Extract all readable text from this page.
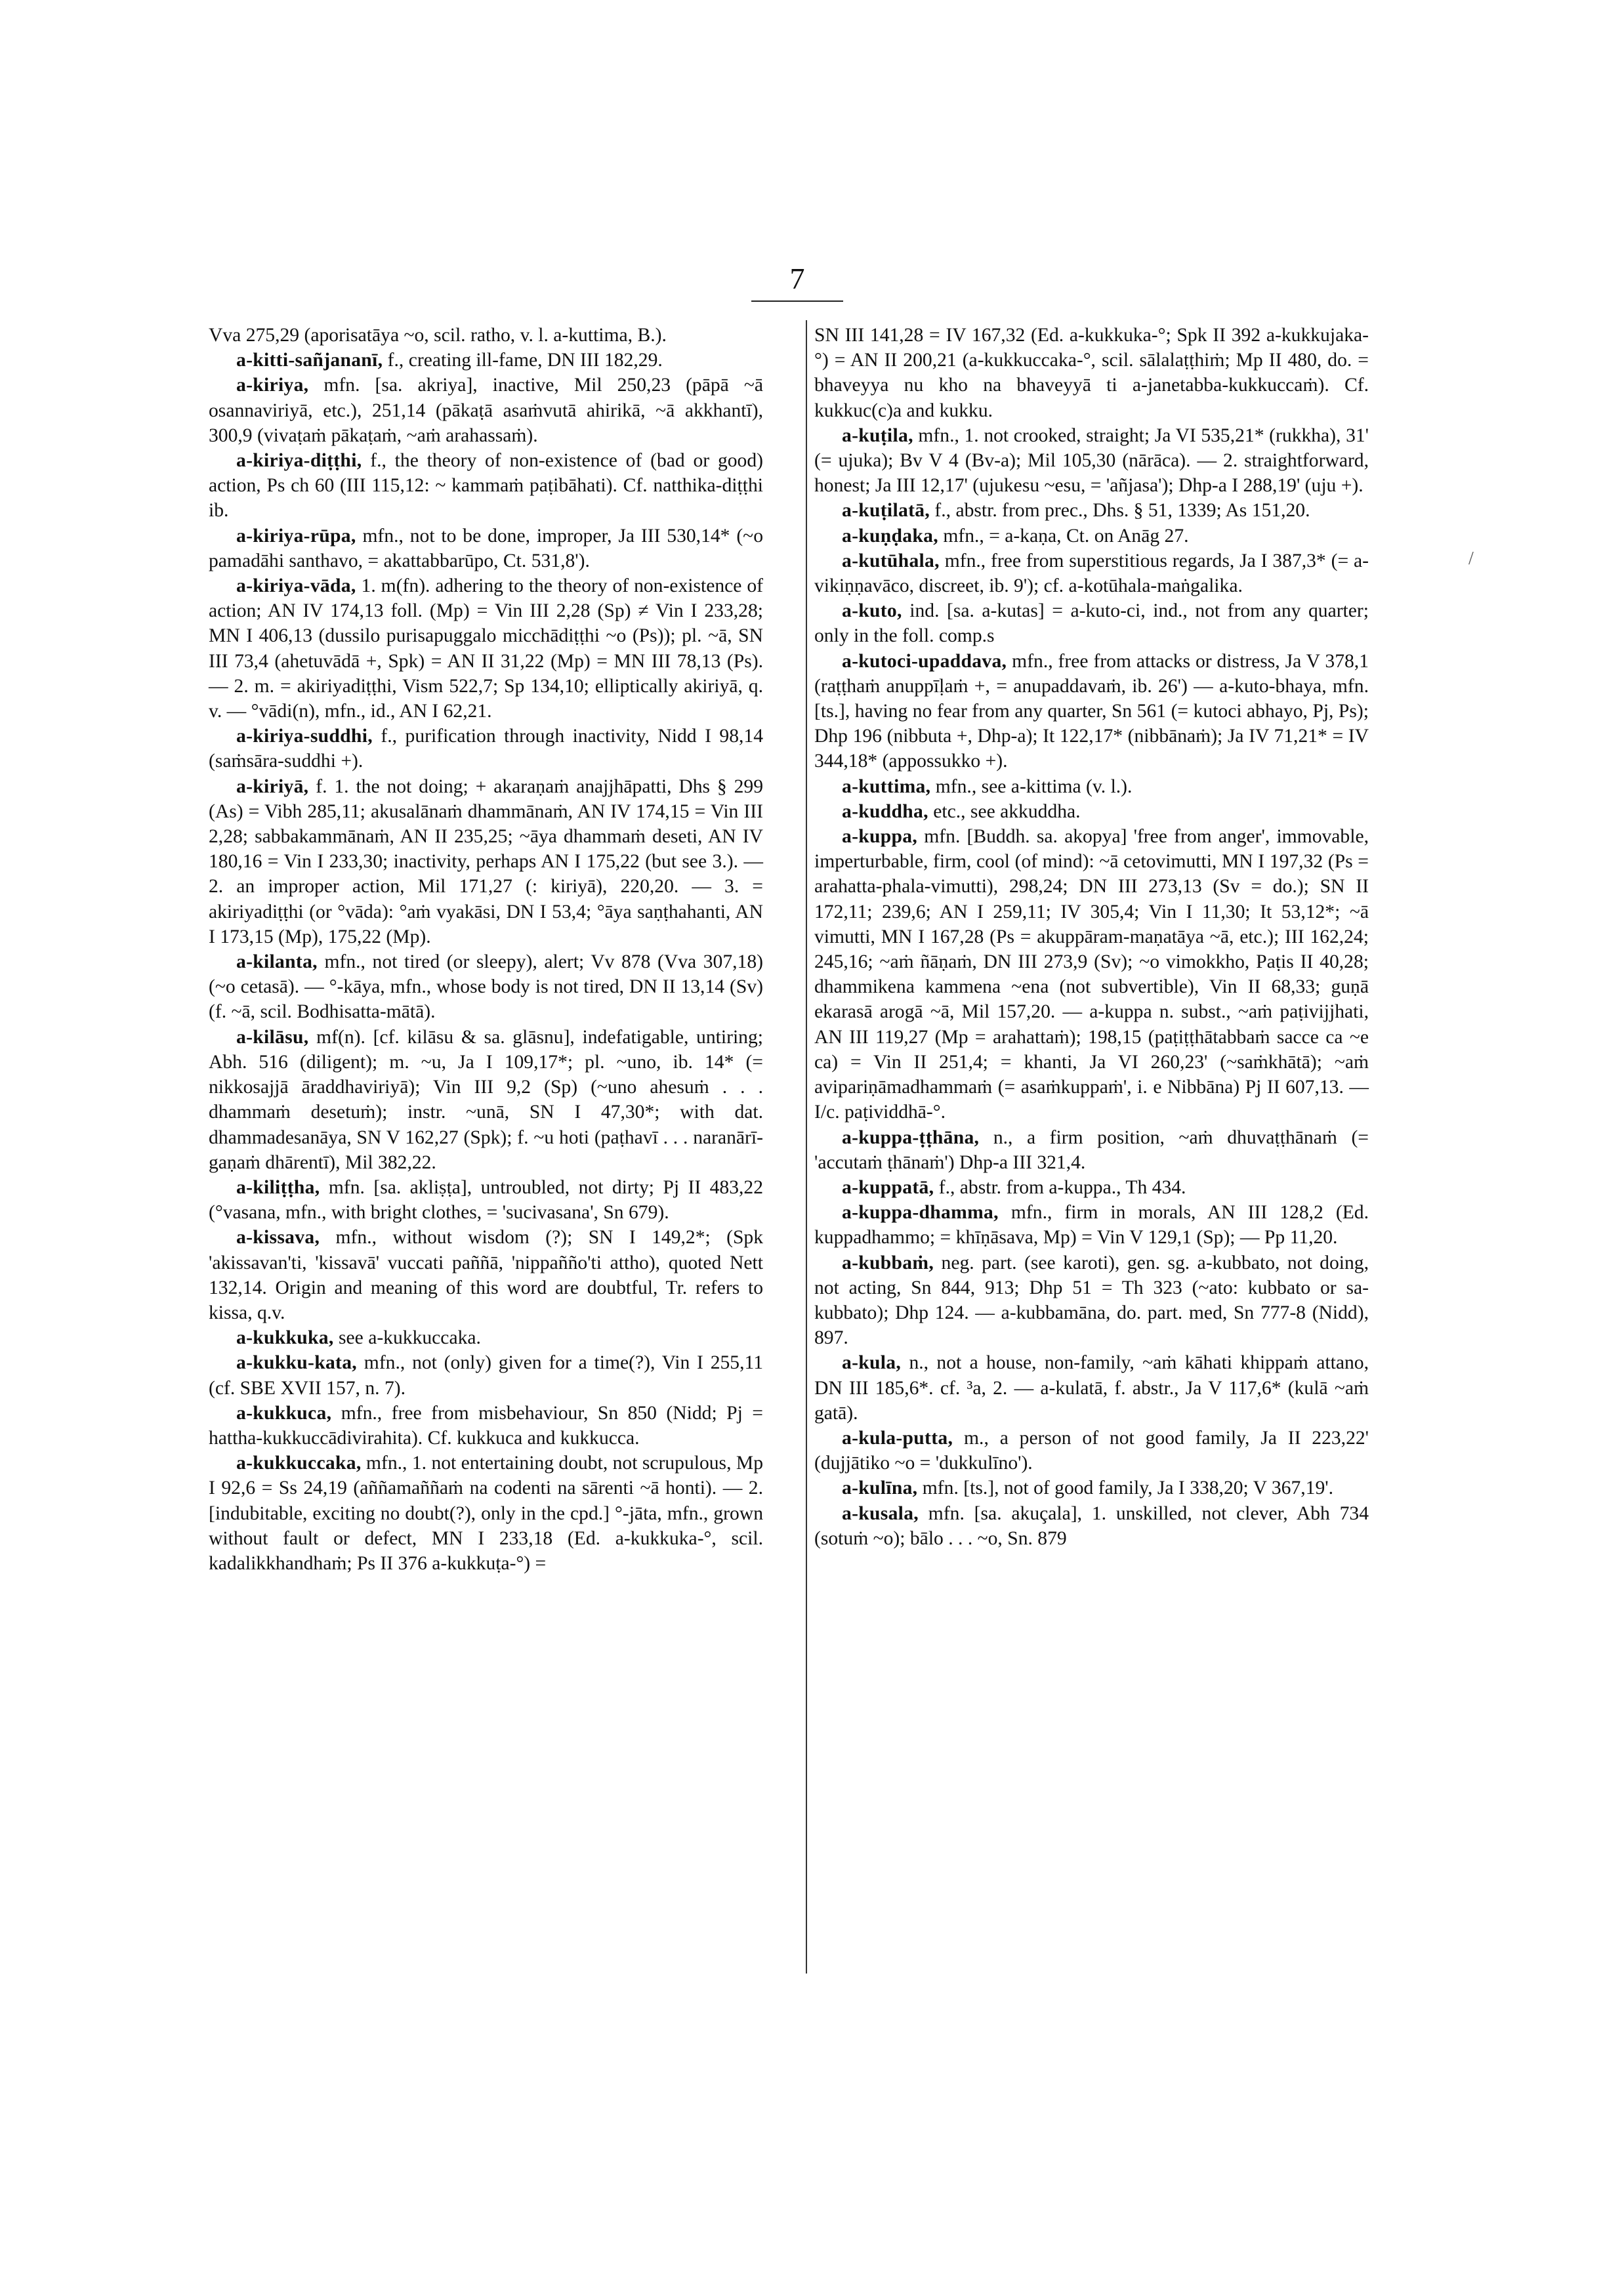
7
/

Vva 275,29 (aporisatāya ~o, scil. ratho, v. l. a-kuttima, B.).

a-kitti-sañjananī, f., creating ill-fame, DN III 182,29.

a-kiriya, mfn. [sa. akriya], inactive, Mil 250,23 (pāpā ~ā osannaviriyā, etc.), 251,14 (pākaṭā asaṁvutā ahirikā, ~ā akkhantī), 300,9 (vivaṭaṁ pākaṭaṁ, ~aṁ arahassaṁ).

a-kiriya-diṭṭhi, f., the theory of non-existence of (bad or good) action, Ps ch 60 (III 115,12: ~ kammaṁ paṭibāhati). Cf. natthika-diṭṭhi ib.

a-kiriya-rūpa, mfn., not to be done, improper, Ja III 530,14* (~o pamadāhi santhavo, = akattabbarūpo, Ct. 531,8').

a-kiriya-vāda, 1. m(fn). adhering to the theory of non-existence of action; AN IV 174,13 foll. (Mp) = Vin III 2,28 (Sp) ≠ Vin I 233,28; MN I 406,13 (dussilo purisapuggalo micchādiṭṭhi ~o (Ps)); pl. ~ā, SN III 73,4 (ahetuvādā +, Spk) = AN II 31,22 (Mp) = MN III 78,13 (Ps). — 2. m. = akiriyadiṭṭhi, Vism 522,7; Sp 134,10; elliptically akiriyā, q. v. — °vādi(n), mfn., id., AN I 62,21.

a-kiriya-suddhi, f., purification through inactivity, Nidd I 98,14 (saṁsāra-suddhi +).

a-kiriyā, f. 1. the not doing; + akaraṇaṁ anajjhāpatti, Dhs § 299 (As) = Vibh 285,11; akusalānaṁ dhammānaṁ, AN IV 174,15 = Vin III 2,28; sabbakammānaṁ, AN II 235,25; ~āya dhammaṁ deseti, AN IV 180,16 = Vin I 233,30; inactivity, perhaps AN I 175,22 (but see 3.). — 2. an improper action, Mil 171,27 (: kiriyā), 220,20. — 3. = akiriyadiṭṭhi (or °vāda): °aṁ vyakāsi, DN I 53,4; °āya saṇṭhahanti, AN I 173,15 (Mp), 175,22 (Mp).

a-kilanta, mfn., not tired (or sleepy), alert; Vv 878 (Vva 307,18) (~o cetasā). — °-kāya, mfn., whose body is not tired, DN II 13,14 (Sv) (f. ~ā, scil. Bodhisatta-mātā).

a-kilāsu, mf(n). [cf. kilāsu & sa. glāsnu], indefatigable, untiring; Abh. 516 (diligent); m. ~u, Ja I 109,17*; pl. ~uno, ib. 14* (= nikkosajjā āraddhaviriyā); Vin III 9,2 (Sp) (~uno ahesuṁ . . . dhammaṁ desetuṁ); instr. ~unā, SN I 47,30*; with dat. dhammadesanāya, SN V 162,27 (Spk); f. ~u hoti (paṭhavī . . . naranārī-gaṇaṁ dhārentī), Mil 382,22.

a-kiliṭṭha, mfn. [sa. akliṣṭa], untroubled, not dirty; Pj II 483,22 (°vasana, mfn., with bright clothes, = 'sucivasana', Sn 679).

a-kissava, mfn., without wisdom (?); SN I 149,2*; (Spk 'akissavan'ti, 'kissavā' vuccati paññā, 'nippañño'ti attho), quoted Nett 132,14. Origin and meaning of this word are doubtful, Tr. refers to kissa, q.v.

a-kukkuka, see a-kukkuccaka.

a-kukku-kata, mfn., not (only) given for a time(?), Vin I 255,11 (cf. SBE XVII 157, n. 7).

a-kukkuca, mfn., free from misbehaviour, Sn 850 (Nidd; Pj = hattha-kukkuccādivirahita). Cf. kukkuca and kukkucca.

a-kukkuccaka, mfn., 1. not entertaining doubt, not scrupulous, Mp I 92,6 = Ss 24,19 (aññamaññaṁ na codenti na sārenti ~ā honti). — 2. [indubitable, exciting no doubt(?), only in the cpd.] °-jāta, mfn., grown without fault or defect, MN I 233,18 (Ed. a-kukkuka-°, scil. kadalikkhandhaṁ; Ps II 376 a-kukkuṭa-°) =

SN III 141,28 = IV 167,32 (Ed. a-kukkuka-°; Spk II 392 a-kukkujaka-°) = AN II 200,21 (a-kukkuccaka-°, scil. sālalaṭṭhiṁ; Mp II 480, do. = bhaveyya nu kho na bhaveyyā ti a-janetabba-kukkuccaṁ). Cf. kukkuc(c)a and kukku.

a-kuṭila, mfn., 1. not crooked, straight; Ja VI 535,21* (rukkha), 31' (= ujuka); Bv V 4 (Bv-a); Mil 105,30 (nārāca). — 2. straightforward, honest; Ja III 12,17' (ujukesu ~esu, = 'añjasa'); Dhp-a I 288,19' (uju +).

a-kuṭilatā, f., abstr. from prec., Dhs. § 51, 1339; As 151,20.

a-kuṇḍaka, mfn., = a-kaṇa, Ct. on Anāg 27.

a-kutūhala, mfn., free from superstitious regards, Ja I 387,3* (= a-vikiṇṇavāco, discreet, ib. 9'); cf. a-kotūhala-maṅgalika.

a-kuto, ind. [sa. a-kutas] = a-kuto-ci, ind., not from any quarter; only in the foll. comp.s

a-kutoci-upaddava, mfn., free from attacks or distress, Ja V 378,1 (raṭṭhaṁ anuppīḷaṁ +, = anupaddavaṁ, ib. 26') — a-kuto-bhaya, mfn. [ts.], having no fear from any quarter, Sn 561 (= kutoci abhayo, Pj, Ps); Dhp 196 (nibbuta +, Dhp-a); It 122,17* (nibbānaṁ); Ja IV 71,21* = IV 344,18* (appossukko +).

a-kuttima, mfn., see a-kittima (v. l.).

a-kuddha, etc., see akkuddha.

a-kuppa, mfn. [Buddh. sa. akopya] 'free from anger', immovable, imperturbable, firm, cool (of mind): ~ā cetovimutti, MN I 197,32 (Ps = arahatta-phala-vimutti), 298,24; DN III 273,13 (Sv = do.); SN II 172,11; 239,6; AN I 259,11; IV 305,4; Vin I 11,30; It 53,12*; ~ā vimutti, MN I 167,28 (Ps = akuppāram-maṇatāya ~ā, etc.); III 162,24; 245,16; ~aṁ ñāṇaṁ, DN III 273,9 (Sv); ~o vimokkho, Paṭis II 40,28; dhammikena kammena ~ena (not subvertible), Vin II 68,33; guṇā ekarasā arogā ~ā, Mil 157,20. — a-kuppa n. subst., ~aṁ paṭivijjhati, AN III 119,27 (Mp = arahattaṁ); 198,15 (paṭiṭṭhātabbaṁ sacce ca ~e ca) = Vin II 251,4; = khanti, Ja VI 260,23' (~saṁkhātā); ~aṁ avipariṇāmadhammaṁ (= asaṁkuppaṁ', i. e Nibbāna) Pj II 607,13. — I/c. paṭividdhā-°.

a-kuppa-ṭṭhāna, n., a firm position, ~aṁ dhuvaṭṭhānaṁ (= 'accutaṁ ṭhānaṁ') Dhp-a III 321,4.

a-kuppatā, f., abstr. from a-kuppa., Th 434.

a-kuppa-dhamma, mfn., firm in morals, AN III 128,2 (Ed. kuppadhammo; = khīṇāsava, Mp) = Vin V 129,1 (Sp); — Pp 11,20.

a-kubbaṁ, neg. part. (see karoti), gen. sg. a-kubbato, not doing, not acting, Sn 844, 913; Dhp 51 = Th 323 (~ato: kubbato or sa-kubbato); Dhp 124. — a-kubbamāna, do. part. med, Sn 777-8 (Nidd), 897.

a-kula, n., not a house, non-family, ~aṁ kāhati khippaṁ attano, DN III 185,6*. cf. ³a, 2. — a-kulatā, f. abstr., Ja V 117,6* (kulā ~aṁ gatā).

a-kula-putta, m., a person of not good family, Ja II 223,22' (dujjātiko ~o = 'dukkulīno').

a-kulīna, mfn. [ts.], not of good family, Ja I 338,20; V 367,19'.

a-kusala, mfn. [sa. akuçala], 1. unskilled, not clever, Abh 734 (sotuṁ ~o); bālo . . . ~o, Sn. 879
